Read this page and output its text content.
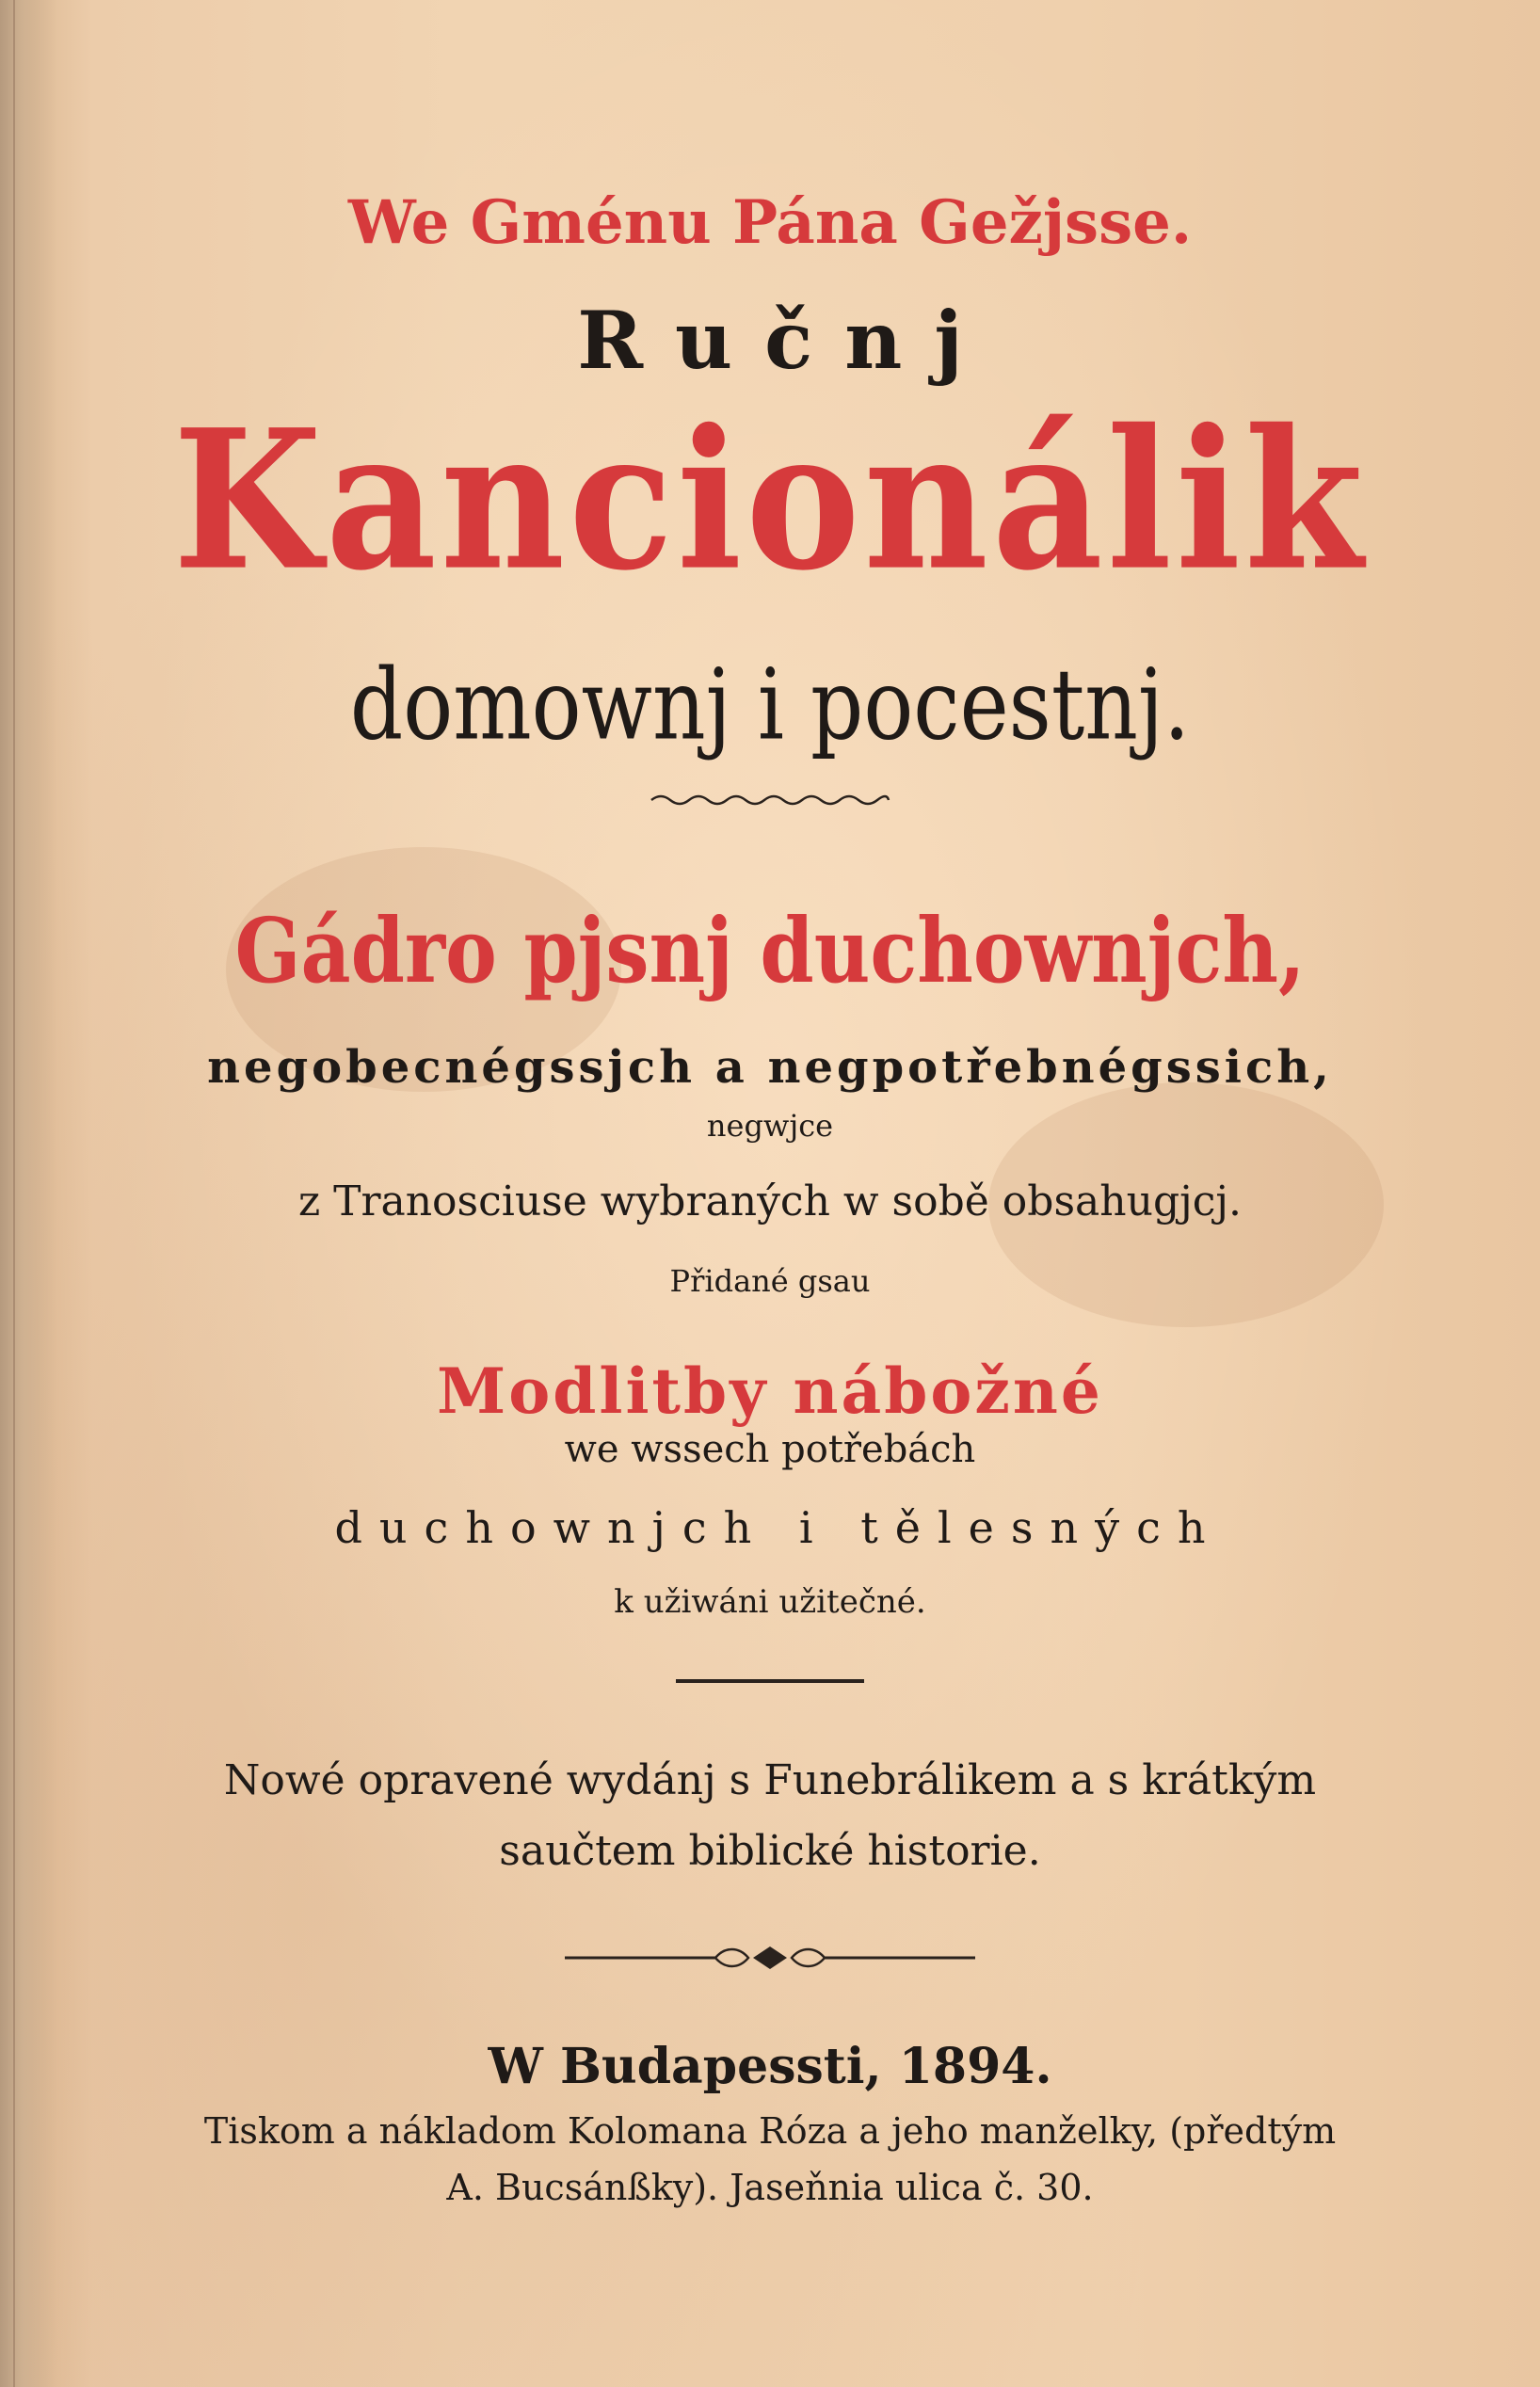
We Gménu Pána Gežjsse.
Ručnj
Kancionálik
domownj i pocestnj.
Gádro pjsnj duchownjch,
negobecnégssjch a negpotřebnégssich,
negwjce
z Tranosciuse wybraných w sobě obsahugjcj.
Přidané gsau
Modlitby nábožné
we wssech potřebách
duchownjch i tělesných
k užiwáni užitečné.
Nowé opravené wydánj s Funebrálikem a s krátkým
saučtem biblické historie.
W Budapessti, 1894.
Tiskom a nákladom Kolomana Róza a jeho manželky, (předtým
A. Bucsánßky). Jaseňnia ulica č. 30.
